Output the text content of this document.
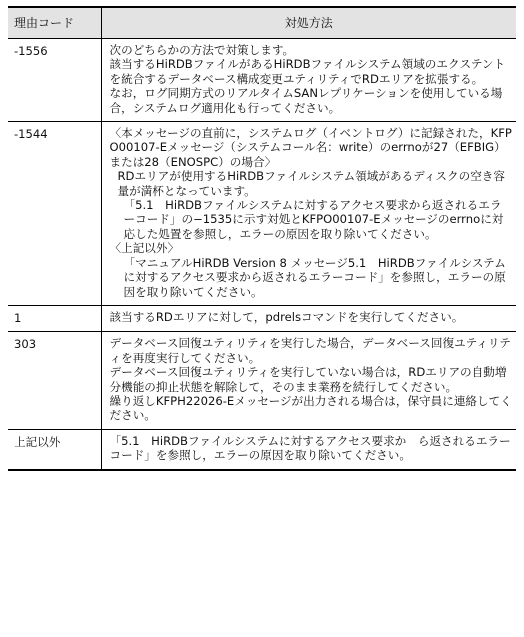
理由コード	対処方法
-1556	次のどちらかの方法で対策します。
該当するHiRDBファイルがあるHiRDBファイルシステム領域のエクステントを統合するデータベース構成変更ユティリティでRDエリアを拡張する。
なお，ログ同期方式のリアルタイムSANレプリケーションを使用している場合，システムログ適用化も行ってください。

-1544	〈本メッセージの直前に，システムログ（イベントログ）に記録された，KFPO00107-Eメッセージ（システムコール名：write）のerrnoが27（EFBIG）または28（ENOSPC）の場合〉
RDエリアが使用するHiRDBファイルシステム領域があるディスクの空き容量が満杯となっています。
「5.1　HiRDBファイルシステムに対するアクセス要求から返されるエラーコード」の−1535に示す対処とKFPO00107-Eメッセージのerrnoに対応した処置を参照し，エラーの原因を取り除いてください。
〈上記以外〉
「マニュアルHiRDB Version 8 メッセージ5.1　HiRDBファイルシステムに対するアクセス要求から返されるエラーコード」を参照し，エラーの原因を取り除いてください。

1	該当するRDエリアに対して，pdrelsコマンドを実行してください。

303	データベース回復ユティリティを実行した場合，データベース回復ユティリティを再度実行してください。
データベース回復ユティリティを実行していない場合は，RDエリアの自動増分機能の抑止状態を解除して，そのまま業務を続行してください。
繰り返しKFPH22026-Eメッセージが出力される場合は，保守員に連絡してください。

上記以外	「5.1　HiRDBファイルシステムに対するアクセス要求か　ら返されるエラーコード」を参照し，エラーの原因を取り除いてください。
